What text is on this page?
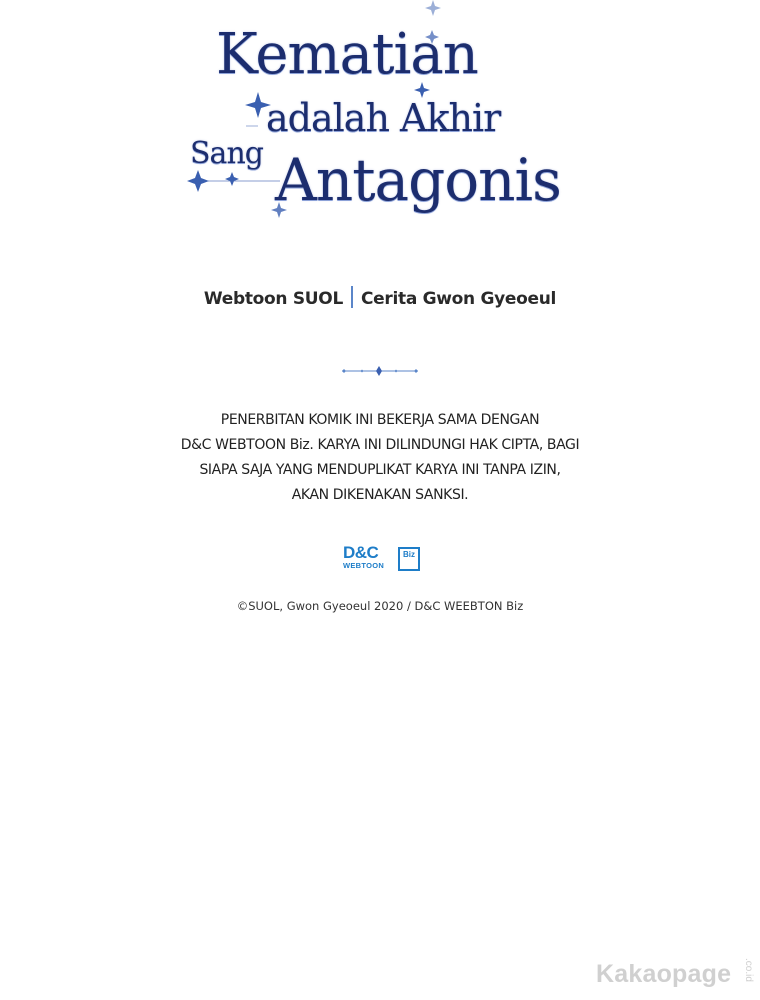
Kematian
adalah Akhir
Sang Antagonis
Webtoon SUOL Cerita Gwon Gyeoeul
PENERBITAN KOMIK INI BEKERJA SAMA DENGAN
D&C WEBTOON Biz. KARYA INI DILINDUNGI HAK CIPTA, BAGI
SIAPA SAJA YANG MENDUPLIKAT KARYA INI TANPA IZIN,
AKAN DIKENAKAN SANKSI.
D&C
WEBTOON
Biz
©SUOL, Gwon Gyeoeul 2020 / D&C WEEBTON Biz
Kakaopage	.co.id
